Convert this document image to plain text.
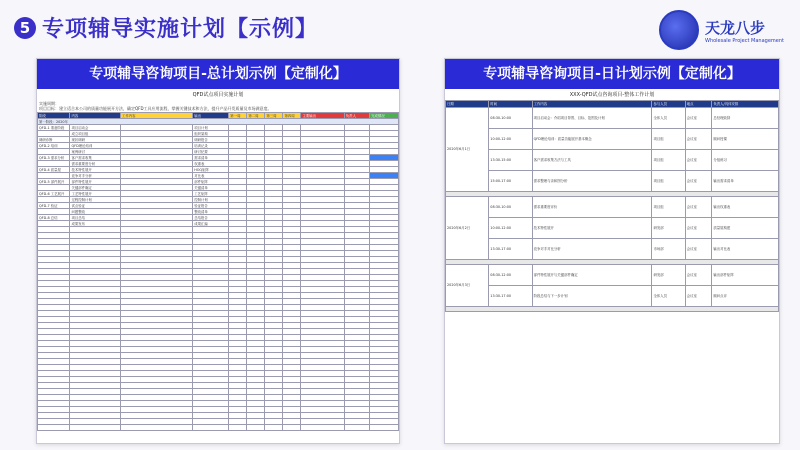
5 专项辅导实施计划【示例】	天龙八步
Wholesale Project Management
专项辅导咨询项目-总计划示例【定制化】
QFD试点项目实施计划
实施周期：
项目目标：建立适合本公司的质量功能展开方法，确定QFD工具应用流程，掌握关键技术和方法，提升产品开发质量及市场满意度。
阶段	内容	工作内容	输出	第一周	第二周	第三周	第四周	主要输出	负责人	完成情况
第一阶段：2020年										
QFD-1 准备阶段	项目启动会		项目计划							
	成立项目组		组织架构							
调研诊断	现状调研		调研报告							
QFD-2 培训	QFD理论培训		培训记录							
	案例研讨		研讨纪要							
QFD-3 需求分析	客户需求收集		需求清单							
	需求重要度分析		权重表							
QFD-4 质量屋	技术特性展开		HOQ矩阵							
	竞争对手分析		对比表							
QFD-5 部件展开	部件特性展开		部件矩阵							
	关键部件确定		关键清单							
QFD-6 工艺展开	工艺特性展开		工艺矩阵							
	过程控制计划		控制计划							
QFD-7 验证	试点验证		验证报告							
	问题整改		整改清单							
QFD-8 总结	项目总结		总结报告							
	成果发布		成果汇编							

专项辅导咨询项目-日计划示例【定制化】
XXX-QFD试点咨询项目-整体工作计划
日期	时间	工作内容	参与人员	地点	负责人/具体安排
2020年6月1日	08:30-10:00	项目启动会：介绍项目背景、目标、范围及计划	全体人员	会议室	总经理致辞
	10:00-12:00	QFD理论培训：质量功能展开基本概念	项目组	会议室	顾问授课
	13:30-15:00	客户需求收集方法与工具	项目组	会议室	分组练习
	15:00-17:00	需求整理与亲和图分析	项目组	会议室	输出需求清单

2020年6月2日	08:30-10:00	需求重要度评价	项目组	会议室	输出权重表
	10:00-12:00	技术特性展开	研发部	会议室	质量屋构建
	13:30-17:00	竞争对手对比分析	市场部	会议室	输出对比表

2020年6月3日	08:30-12:00	部件特性展开与关键部件确定	研发部	会议室	输出部件矩阵
	13:30-17:00	阶段总结与下一步计划	全体人员	会议室	顾问点评
